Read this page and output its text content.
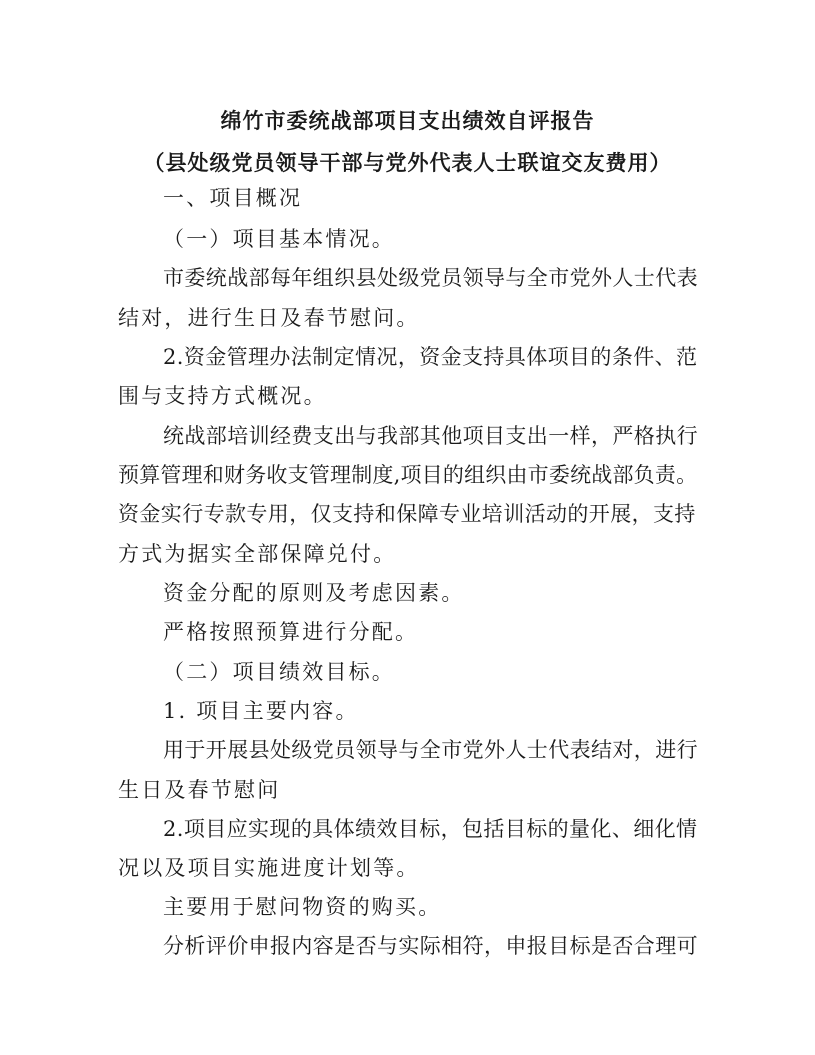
绵竹市委统战部项目支出绩效自评报告
（县处级党员领导干部与党外代表人士联谊交友费用）
一、项目概况
（一）项目基本情况。
市委统战部每年组织县处级党员领导与全市党外人士代表
结对，进行生日及春节慰问。
2.资金管理办法制定情况，资金支持具体项目的条件、范
围与支持方式概况。
统战部培训经费支出与我部其他项目支出一样，严格执行
预算管理和财务收支管理制度,项目的组织由市委统战部负责。
资金实行专款专用，仅支持和保障专业培训活动的开展，支持
方式为据实全部保障兑付。
资金分配的原则及考虑因素。
严格按照预算进行分配。
（二）项目绩效目标。
1. 项目主要内容。
用于开展县处级党员领导与全市党外人士代表结对，进行
生日及春节慰问
2.项目应实现的具体绩效目标，包括目标的量化、细化情
况以及项目实施进度计划等。
主要用于慰问物资的购买。
分析评价申报内容是否与实际相符，申报目标是否合理可
